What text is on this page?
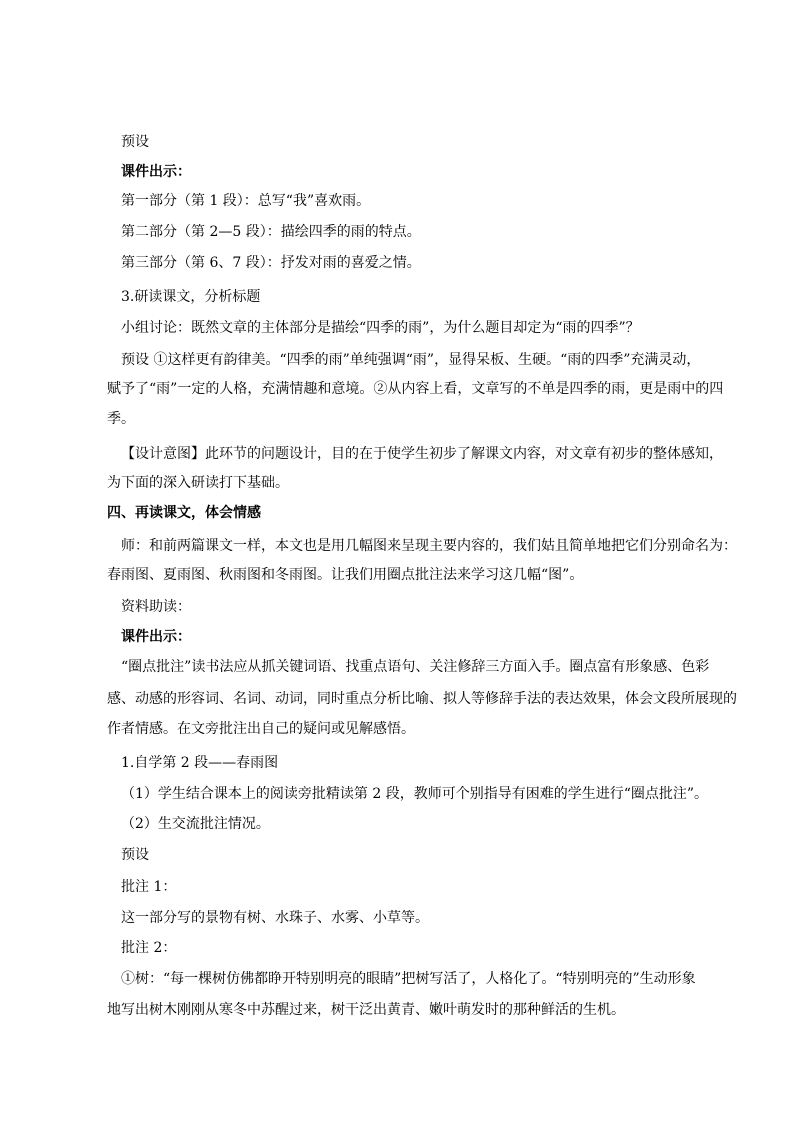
预设
课件出示：
第一部分（第 1 段）：总写“我”喜欢雨。
第二部分（第 2—5 段）：描绘四季的雨的特点。
第三部分（第 6、7 段）：抒发对雨的喜爱之情。
3.研读课文，分析标题
小组讨论：既然文章的主体部分是描绘“四季的雨”，为什么题目却定为“雨的四季”？
预设 ①这样更有韵律美。“四季的雨”单纯强调“雨”，显得呆板、生硬。“雨的四季”充满灵动，
赋予了“雨”一定的人格，充满情趣和意境。②从内容上看，文章写的不单是四季的雨，更是雨中的四
季。
【设计意图】此环节的问题设计，目的在于使学生初步了解课文内容，对文章有初步的整体感知，
为下面的深入研读打下基础。
四、再读课文，体会情感
师：和前两篇课文一样，本文也是用几幅图来呈现主要内容的，我们姑且简单地把它们分别命名为：
春雨图、夏雨图、秋雨图和冬雨图。让我们用圈点批注法来学习这几幅“图”。
资料助读：
课件出示：
“圈点批注”读书法应从抓关键词语、找重点语句、关注修辞三方面入手。圈点富有形象感、色彩
感、动感的形容词、名词、动词，同时重点分析比喻、拟人等修辞手法的表达效果，体会文段所展现的
作者情感。在文旁批注出自己的疑问或见解感悟。
1.自学第 2 段——春雨图
（1）学生结合课本上的阅读旁批精读第 2 段，教师可个别指导有困难的学生进行“圈点批注”。
（2）生交流批注情况。
预设
批注 1：
这一部分写的景物有树、水珠子、水雾、小草等。
批注 2：
①树：“每一棵树仿佛都睁开特别明亮的眼睛”把树写活了，人格化了。“特别明亮的”生动形象
地写出树木刚刚从寒冬中苏醒过来，树干泛出黄青、嫩叶萌发时的那种鲜活的生机。
